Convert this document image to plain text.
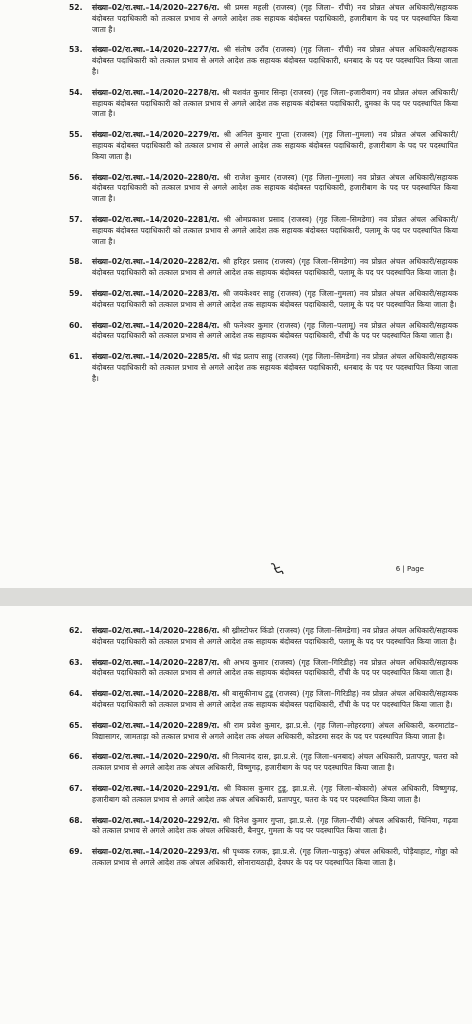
52. संख्या–02/रा.स्था.–14/2020–2276/रा. श्री प्रमस महली (राजस्व) (गृह जिला– राँची) नव प्रोन्नत अंचल अधिकारी/सहायक बंदोबस्त पदाधिकारी को तत्काल प्रभाव से अगले आदेश तक सहायक बंदोबस्त पदाधिकारी, हजारीबाग के पद पर पदस्थापित किया जाता है।
53. संख्या–02/रा.स्था.–14/2020–2277/रा. श्री संतोष उराँव (राजस्व) (गृह जिला– राँची) नव प्रोन्नत अंचल अधिकारी/सहायक बंदोबस्त पदाधिकारी को तत्काल प्रभाव से अगले आदेश तक सहायक बंदोबस्त पदाधिकारी, धनबाद के पद पर पदस्थापित किया जाता है।
54. संख्या–02/रा.स्था.–14/2020–2278/रा. श्री यशवंत कुमार सिन्हा (राजस्व) (गृह जिला–हजारीबाग) नव प्रोन्नत अंचल अधिकारी/सहायक बंदोबस्त पदाधिकारी को तत्काल प्रभाव से अगले आदेश तक सहायक बंदोबस्त पदाधिकारी, दुमका के पद पर पदस्थापित किया जाता है।
55. संख्या–02/रा.स्था.–14/2020–2279/रा. श्री अनिल कुमार गुप्ता (राजस्व) (गृह जिला–गुमला) नव प्रोन्नत अंचल अधिकारी/सहायक बंदोबस्त पदाधिकारी को तत्काल प्रभाव से अगले आदेश तक सहायक बंदोबस्त पदाधिकारी, हजारीबाग के पद पर पदस्थापित किया जाता है।
56. संख्या–02/रा.स्था.–14/2020–2280/रा. श्री राजेश कुमार (राजस्व) (गृह जिला–गुमला) नव प्रोन्नत अंचल अधिकारी/सहायक बंदोबस्त पदाधिकारी को तत्काल प्रभाव से अगले आदेश तक सहायक बंदोबस्त पदाधिकारी, हजारीबाग के पद पर पदस्थापित किया जाता है।
57. संख्या–02/रा.स्था.–14/2020–2281/रा. श्री ओमप्रकाश प्रसाद (राजस्व) (गृह जिला–सिमडेगा) नव प्रोन्नत अंचल अधिकारी/सहायक बंदोबस्त पदाधिकारी को तत्काल प्रभाव से अगले आदेश तक सहायक बंदोबस्त पदाधिकारी, पलामू के पद पर पदस्थापित किया जाता है।
58. संख्या–02/रा.स्था.–14/2020–2282/रा. श्री हरिहर प्रसाद (राजस्व) (गृह जिला–सिमडेगा) नव प्रोन्नत अंचल अधिकारी/सहायक बंदोबस्त पदाधिकारी को तत्काल प्रभाव से अगले आदेश तक सहायक बंदोबस्त पदाधिकारी, पलामू के पद पर पदस्थापित किया जाता है।
59. संख्या–02/रा.स्था.–14/2020–2283/रा. श्री जयकेश्वर साहु (राजस्व) (गृह जिला–गुमला) नव प्रोन्नत अंचल अधिकारी/सहायक बंदोबस्त पदाधिकारी को तत्काल प्रभाव से अगले आदेश तक सहायक बंदोबस्त पदाधिकारी, पलामू के पद पर पदस्थापित किया जाता है।
60. संख्या–02/रा.स्था.–14/2020–2284/रा. श्री फनेश्वर कुमार (राजस्व) (गृह जिला–पलामू) नव प्रोन्नत अंचल अधिकारी/सहायक बंदोबस्त पदाधिकारी को तत्काल प्रभाव से अगले आदेश तक सहायक बंदोबस्त पदाधिकारी, राँची के पद पर पदस्थापित किया जाता है।
61. संख्या–02/रा.स्था.–14/2020–2285/रा. श्री चंद्र प्रताप साहु (राजस्व) (गृह जिला–सिमडेगा) नव प्रोन्नत अंचल अधिकारी/सहायक बंदोबस्त पदाधिकारी को तत्काल प्रभाव से अगले आदेश तक सहायक बंदोबस्त पदाधिकारी, धनबाद के पद पर पदस्थापित किया जाता है।
6 | Page
62. संख्या–02/रा.स्था.–14/2020–2286/रा. श्री ख्रीस्टोफर किंडो (राजस्व) (गृह जिला–सिमडेगा) नव प्रोन्नत अंचल अधिकारी/सहायक बंदोबस्त पदाधिकारी को तत्काल प्रभाव से अगले आदेश तक सहायक बंदोबस्त पदाधिकारी, पलामू के पद पर पदस्थापित किया जाता है।
63. संख्या–02/रा.स्था.–14/2020–2287/रा. श्री अभय कुमार (राजस्व) (गृह जिला–गिरिडीह) नव प्रोन्नत अंचल अधिकारी/सहायक बंदोबस्त पदाधिकारी को तत्काल प्रभाव से अगले आदेश तक सहायक बंदोबस्त पदाधिकारी, राँची के पद पर पदस्थापित किया जाता है।
64. संख्या–02/रा.स्था.–14/2020–2288/रा. श्री बासुकीनाथ टुडू (राजस्व) (गृह जिला–गिरिडीह) नव प्रोन्नत अंचल अधिकारी/सहायक बंदोबस्त पदाधिकारी को तत्काल प्रभाव से अगले आदेश तक सहायक बंदोबस्त पदाधिकारी, राँची के पद पर पदस्थापित किया जाता है।
65. संख्या–02/रा.स्था.–14/2020–2289/रा. श्री राम प्रवेश कुमार, झा.प्र.से. (गृह जिला–लोहरदगा) अंचल अधिकारी, करमाटांड–विद्यासागर, जामताड़ा को तत्काल प्रभाव से अगले आदेश तक अंचल अधिकारी, कोडरमा सदर के पद पर पदस्थापित किया जाता है।
66. संख्या–02/रा.स्था.–14/2020–2290/रा. श्री नित्यानंद दास, झा.प्र.से. (गृह जिला–धनबाद) अंचल अधिकारी, प्रतापपुर, चतरा को तत्काल प्रभाव से अगले आदेश तक अंचल अधिकारी, विष्णुगढ़, हजारीबाग के पद पर पदस्थापित किया जाता है।
67. संख्या–02/रा.स्था.–14/2020–2291/रा. श्री विकास कुमार टुडू, झा.प्र.से. (गृह जिला–बोकारो) अंचल अधिकारी, विष्णुगढ़, हजारीबाग को तत्काल प्रभाव से अगले आदेश तक अंचल अधिकारी, प्रतापपुर, चतरा के पद पर पदस्थापित किया जाता है।
68. संख्या–02/रा.स्था.–14/2020–2292/रा. श्री दिनेश कुमार गुप्ता, झा.प्र.से. (गृह जिला–राँची) अंचल अधिकारी, चिनिया, गढ़वा को तत्काल प्रभाव से अगले आदेश तक अंचल अधिकारी, बैनपुर, गुमला के पद पर पदस्थापित किया जाता है।
69. संख्या–02/रा.स्था.–14/2020–2293/रा. श्री पृथ्वक रजक, झा.प्र.से. (गृह जिला–पाकुड़) अंचल अधिकारी, पोड़ैयाहाट, गोड्डा को तत्काल प्रभाव से अगले आदेश तक अंचल अधिकारी, सोनारायठाढ़ी, देवघर के पद पर पदस्थापित किया जाता है।
